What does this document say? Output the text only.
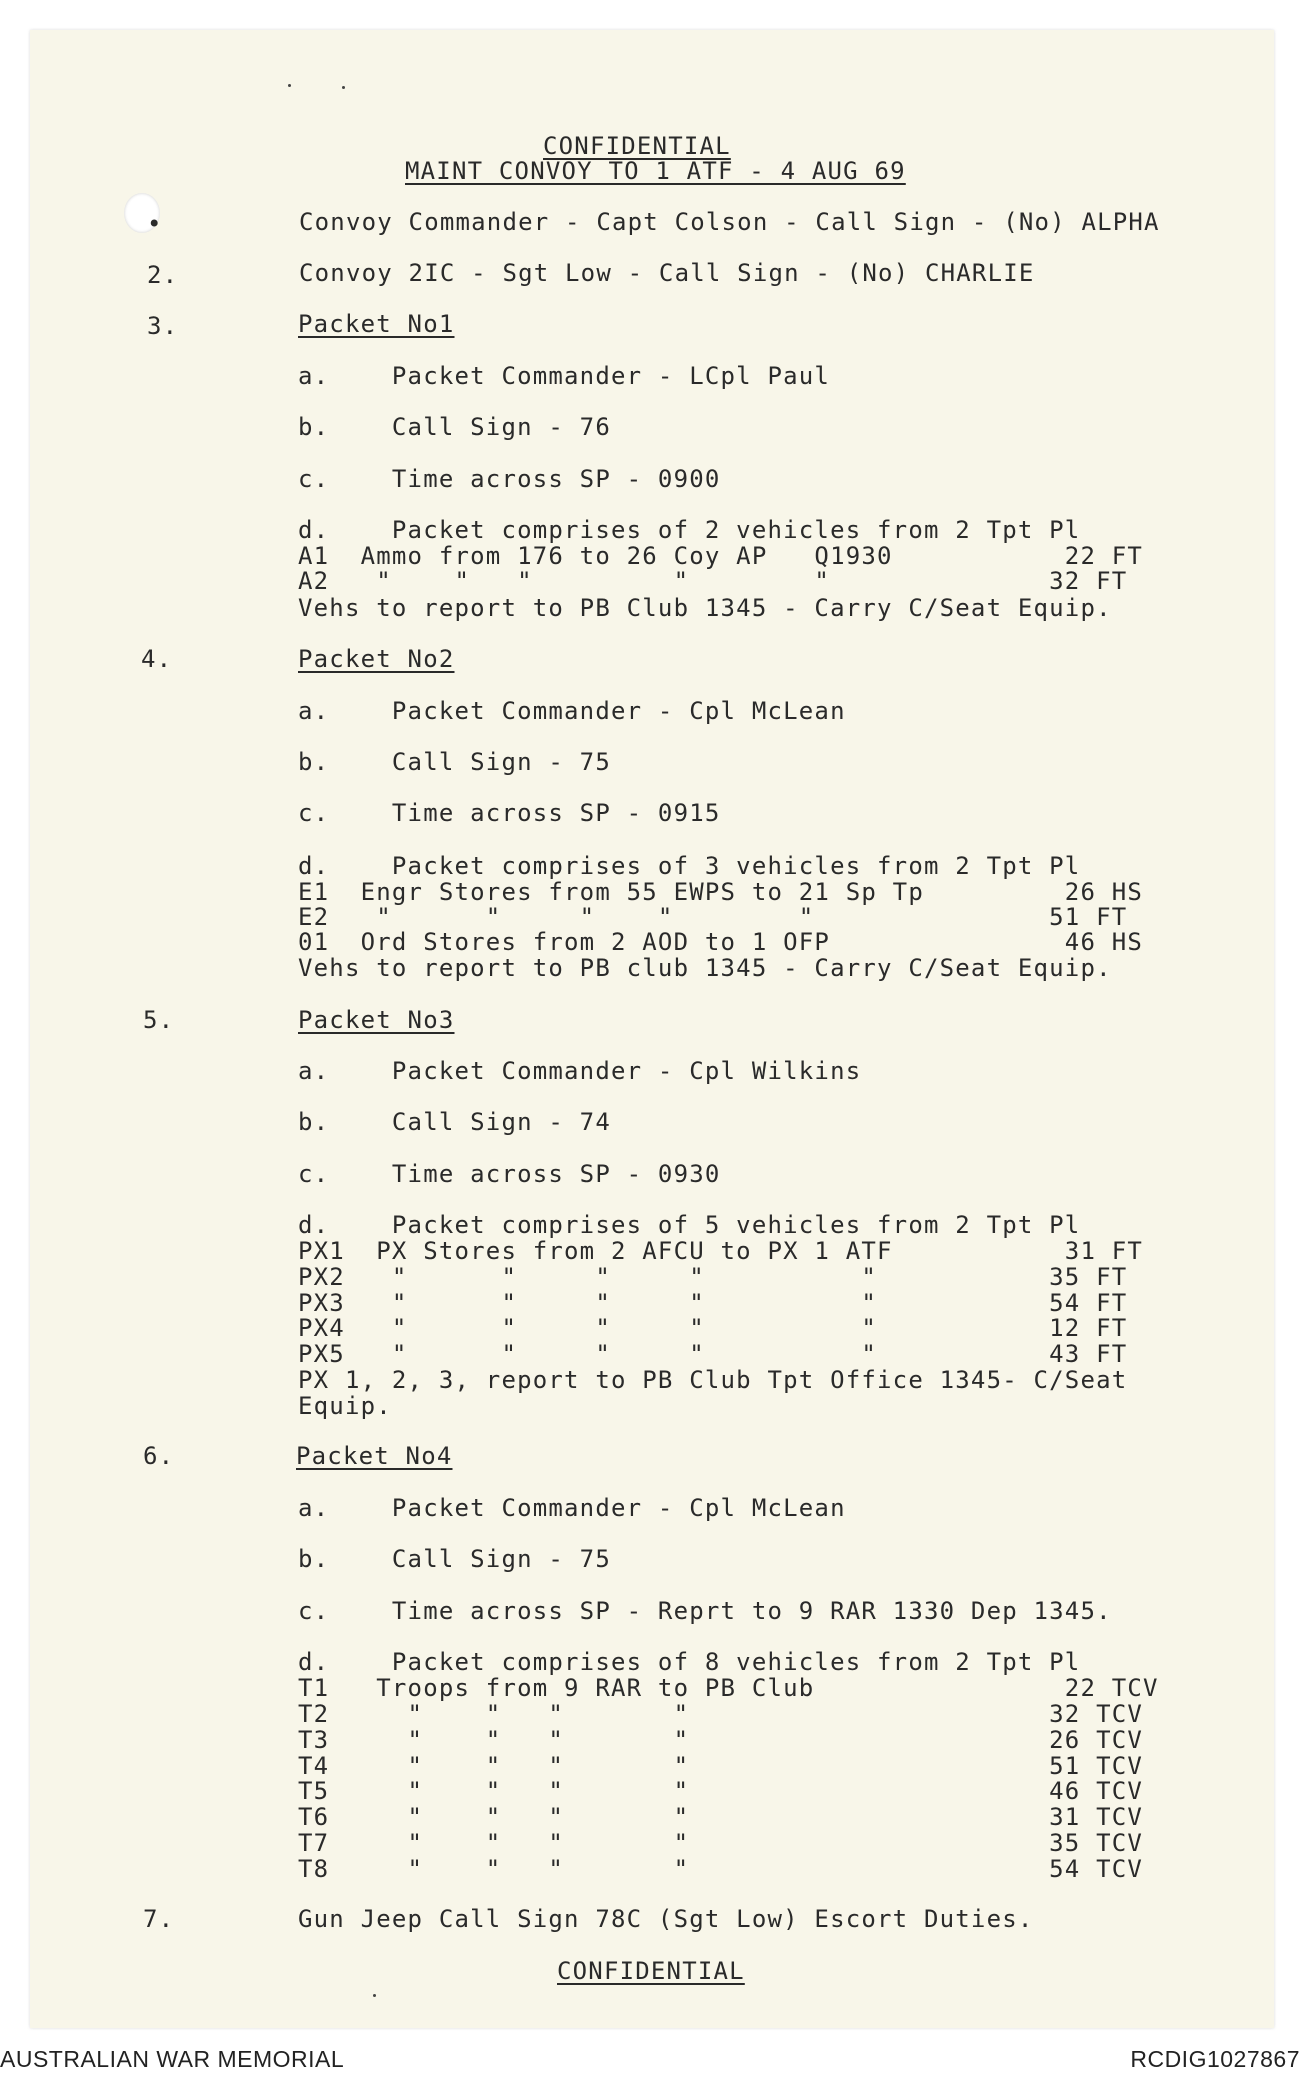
CONFIDENTIAL
MAINT CONVOY TO 1 ATF - 4 AUG 69
•	Convoy Commander - Capt Colson - Call Sign - (No) ALPHA
2.	Convoy 2IC - Sgt Low - Call Sign - (No) CHARLIE
3.	Packet No1
a.    Packet Commander - LCpl Paul
b.    Call Sign - 76
c.    Time across SP - 0900
d.    Packet comprises of 2 vehicles from 2 Tpt Pl
A1  Ammo from 176 to 26 Coy AP   Q1930           22 FT
A2   "    "   "         "        "              32 FT
Vehs to report to PB Club 1345 - Carry C/Seat Equip.
4.	Packet No2
a.    Packet Commander - Cpl McLean
b.    Call Sign - 75
c.    Time across SP - 0915
d.    Packet comprises of 3 vehicles from 2 Tpt Pl
E1  Engr Stores from 55 EWPS to 21 Sp Tp         26 HS
E2   "      "     "    "        "               51 FT
01  Ord Stores from 2 AOD to 1 OFP               46 HS
Vehs to report to PB club 1345 - Carry C/Seat Equip.
5.	Packet No3
a.    Packet Commander - Cpl Wilkins
b.    Call Sign - 74
c.    Time across SP - 0930
d.    Packet comprises of 5 vehicles from 2 Tpt Pl
PX1  PX Stores from 2 AFCU to PX 1 ATF           31 FT
PX2   "      "     "     "          "           35 FT
PX3   "      "     "     "          "           54 FT
PX4   "      "     "     "          "           12 FT
PX5   "      "     "     "          "           43 FT
PX 1, 2, 3, report to PB Club Tpt Office 1345- C/Seat
Equip.
6.	Packet No4
a.    Packet Commander - Cpl McLean
b.    Call Sign - 75
c.    Time across SP - Reprt to 9 RAR 1330 Dep 1345.
d.    Packet comprises of 8 vehicles from 2 Tpt Pl
T1   Troops from 9 RAR to PB Club                22 TCV
T2     "    "   "       "                       32 TCV
T3     "    "   "       "                       26 TCV
T4     "    "   "       "                       51 TCV
T5     "    "   "       "                       46 TCV
T6     "    "   "       "                       31 TCV
T7     "    "   "       "                       35 TCV
T8     "    "   "       "                       54 TCV
7.	Gun Jeep Call Sign 78C (Sgt Low) Escort Duties.
CONFIDENTIAL
AUSTRALIAN WAR MEMORIAL	RCDIG1027867
